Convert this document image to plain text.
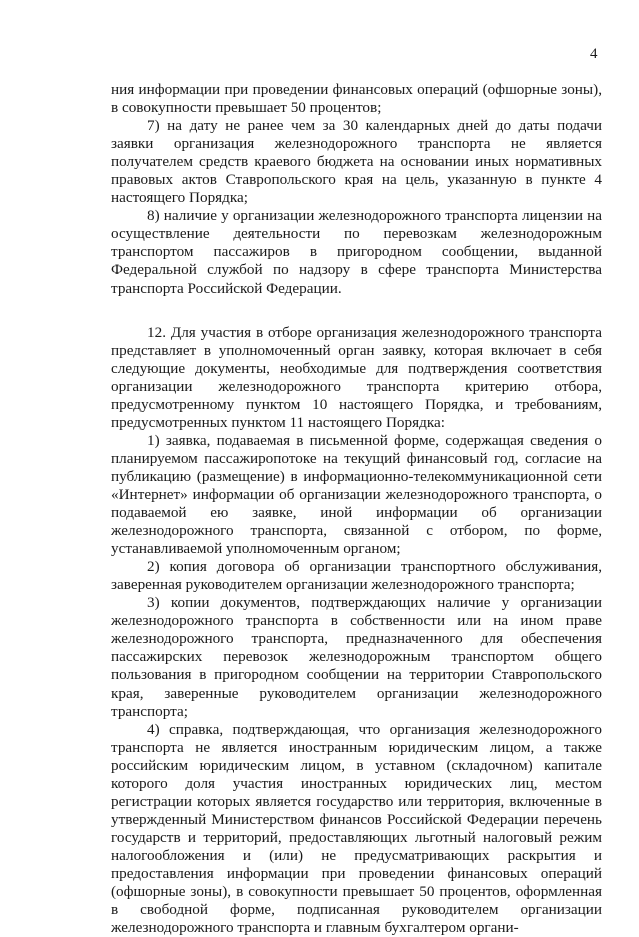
4

ния информации при проведении финансовых операций (офшорные зоны), в совокупности превышает 50 процентов;

7) на дату не ранее чем за 30 календарных дней до даты подачи заявки организация железнодорожного транспорта не является получателем средств краевого бюджета на основании иных нормативных правовых актов Ставропольского края на цель, указанную в пункте 4 настоящего Порядка;

8) наличие у организации железнодорожного транспорта лицензии на осуществление деятельности по перевозкам железнодорожным транспортом пассажиров в пригородном сообщении, выданной Федеральной службой по надзору в сфере транспорта Министерства транспорта Российской Федерации.

12. Для участия в отборе организация железнодорожного транспорта представляет в уполномоченный орган заявку, которая включает в себя следующие документы, необходимые для подтверждения соответствия организации железнодорожного транспорта критерию отбора, предусмотренному пунктом 10 настоящего Порядка, и требованиям, предусмотренных пунктом 11 настоящего Порядка:

1) заявка, подаваемая в письменной форме, содержащая сведения о планируемом пассажиропотоке на текущий финансовый год, согласие на публикацию (размещение) в информационно-телекоммуникационной сети «Интернет» информации об организации железнодорожного транспорта, о подаваемой ею заявке, иной информации об организации железнодорожного транспорта, связанной с отбором, по форме, устанавливаемой уполномоченным органом;

2) копия договора об организации транспортного обслуживания, заверенная руководителем организации железнодорожного транспорта;

3) копии документов, подтверждающих наличие у организации железнодорожного транспорта в собственности или на ином праве железнодорожного транспорта, предназначенного для обеспечения пассажирских перевозок железнодорожным транспортом общего пользования в пригородном сообщении на территории Ставропольского края, заверенные руководителем организации железнодорожного транспорта;

4) справка, подтверждающая, что организация железнодорожного транспорта не является иностранным юридическим лицом, а также российским юридическим лицом, в уставном (складочном) капитале которого доля участия иностранных юридических лиц, местом регистрации которых является государство или территория, включенные в утвержденный Министерством финансов Российской Федерации перечень государств и территорий, предоставляющих льготный налоговый режим налогообложения и (или) не предусматривающих раскрытия и предоставления информации при проведении финансовых операций (офшорные зоны), в совокупности превышает 50 процентов, оформленная в свободной форме, подписанная руководителем организации железнодорожного транспорта и главным бухгалтером органи-
